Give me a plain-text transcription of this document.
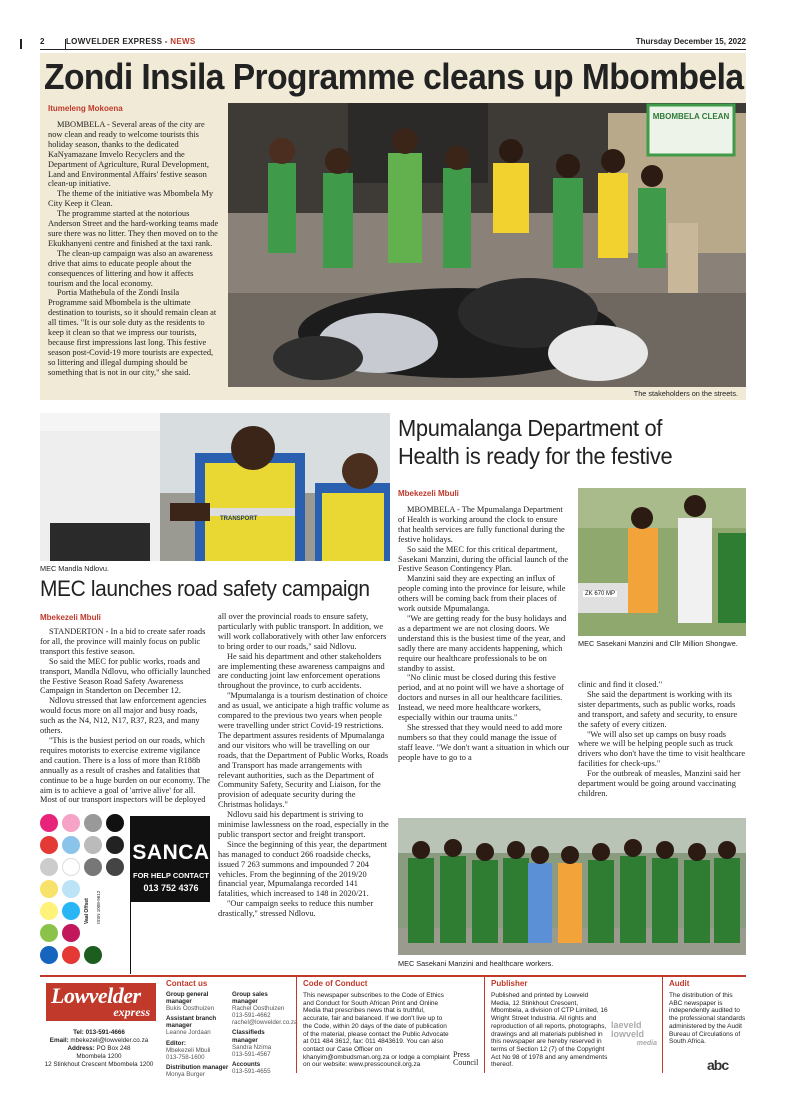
2	LOWVELDER EXPRESS - NEWS	Thursday December 15, 2022
Zondi Insila Programme cleans up Mbombela
Itumeleng Mokoena

MBOMBELA - Several areas of the city are now clean and ready to welcome tourists this holiday season, thanks to the dedicated KaNyamazane Imvelo Recyclers and the Department of Agriculture, Rural Development, Land and Environmental Affairs' festive season clean-up initiative.

The theme of the initiative was Mbombela My City Keep it Clean.

The programme started at the notorious Anderson Street and the hard-working teams made sure there was no litter. They then moved on to the Ekukhanyeni centre and finished at the taxi rank.

The clean-up campaign was also an awareness drive that aims to educate people about the consequences of littering and how it affects tourism and the local economy.

Portia Mathebula of the Zondi Insila Programme said Mbombela is the ultimate destination to tourists, so it should remain clean at all times. "It is our sole duty as the residents to keep it clean so that we impress our tourists, because first impressions last long. This festive season post-Covid-19 more tourists are expected, so littering and illegal dumping should be something that is not in our city," she said.

MBOMBELA CLEAN
The stakeholders on the streets.
TRANSPORT
MEC Mandla Ndlovu.
MEC launches road safety campaign
Mbekezeli Mbuli

STANDERTON - In a bid to create safer roads for all, the province will mainly focus on public transport this festive season.

So said the MEC for public works, roads and transport, Mandla Ndlovu, who officially launched the Festive Season Road Safety Awareness Campaign in Standerton on December 12.

Ndlovu stressed that law enforcement agencies would focus more on all major and busy roads, such as the N4, N12, N17, R37, R23, and many others.

"This is the busiest period on our roads, which requires motorists to exercise extreme vigilance and caution. There is a loss of more than R188b annually as a result of crashes and fatalities that continue to be a huge burden on our economy. The aim is to achieve a goal of 'arrive alive' for all. Most of our transport inspectors will be deployed

all over the provincial roads to ensure safety, particularly with public transport. In addition, we will work collaboratively with other law enforcers to bring order to our roads," said Ndlovu.

He said his department and other stakeholders are implementing these awareness campaigns and are conducting joint law enforcement operations throughout the province, to curb accidents.

"Mpumalanga is a tourism destination of choice and as usual, we anticipate a high traffic volume as compared to the previous two years when people were travelling under strict Covid-19 restrictions. The department assures residents of Mpumalanga and our visitors who will be travelling on our roads, that the Department of Public Works, Roads and Transport has made arrangements with relevant authorities, such as the Department of Community Safety, Security and Liaison, for the provision of adequate security during the Christmas holidays."

Ndlovu said his department is striving to minimise lawlessness on the road, especially in the public transport sector and freight transport.

Since the beginning of this year, the department has managed to conduct 266 roadside checks, issued 7 263 summons and impounded 7 204 vehicles. From the beginning of the 2019/20 financial year, Mpumalanga recorded 141 fatalities, which increased to 148 in 2020/21.

"Our campaign seeks to reduce this number drastically," stressed Ndlovu.

Vaal Offset ISSN 1008-9612
SANCA
FOR HELP CONTACT
013 752 4376
Mpumalanga Department of
Health is ready for the festive
Mbekezeli Mbuli

MBOMBELA - The Mpumalanga Department of Health is working around the clock to ensure that health services are fully functional during the festive holidays.

So said the MEC for this critical department, Sasekani Manzini, during the official launch of the Festive Season Contingency Plan.

Manzini said they are expecting an influx of people coming into the province for leisure, while others will be coming back from their places of work outside Mpumalanga.

"We are getting ready for the busy holidays and as a department we are not closing doors. We understand this is the busiest time of the year, and sadly there are many accidents happening, which require our healthcare professionals to be on standby to assist.

"No clinic must be closed during this festive period, and at no point will we have a shortage of doctors and nurses in all our healthcare facilities. Instead, we need more healthcare workers, especially within our trauma units."

She stressed that they would need to add more numbers so that they could manage the issue of staff leave. "We don't want a situation in which our people have to go to a

ZK 670 MP
MEC Sasekani Manzini and Cllr Million Shongwe.

clinic and find it closed."

She said the department is working with its sister departments, such as public works, roads and transport, and safety and security, to ensure the safety of every citizen.

"We will also set up camps on busy roads where we will be helping people such as truck drivers who don't have the time to visit healthcare facilities for check-ups."

For the outbreak of measles, Manzini said her department would be going around vaccinating children.

MEC Sasekani Manzini and healthcare workers.
Lowvelder
express
Tel: 013-591-4666
Email: mbekezeli@lowvelder.co.za
Address: PO Box 248
Mbombela 1200
12 Stinkhout Crescent Mbombela 1200
Contact us
Group general manager
Bukis Oosthuizen
Assistant branch manager
Leanne Jordaan
Editor:
Mbekezeli Mbuli
013-758-1600
Distribution manager
Monya Burger
Group sales manager
Rachel Oosthuizen
013-591-4662
rachel@lowvelder.co.za
Classifieds manager
Sandra Nzima
013-591-4567
Accounts
013-591-4655
Code of Conduct
This newspaper subscribes to the Code of Ethics and Conduct for South African Print and Online Media that prescribes news that is truthful, accurate, fair and balanced. If we don't live up to the Code, within 20 days of the date of publication of the material, please contact the Public Advocate at 011 484 3612, fax: 011 4843619. You can also contact our Case Officer on khanyim@ombudsman.org.za or lodge a complaint on our website: www.presscouncil.org.za
Press
Council
Publisher
Published and printed by Lowveld Media, 12 Stinkhout Crescent, Mbombela, a division of CTP Limited, 16 Wright Street Industria. All rights and reproduction of all reports, photographs, drawings and all materials published in this newspaper are hereby reserved in terms of Section 12 (7) of the Copyright Act No 98 of 1978 and any amendments thereof.
laeveld
lowveld
media
Audit
The distribution of this ABC newspaper is independently audited to the professional standards administered by the Audit Bureau of Circulations of South Africa.
abc
